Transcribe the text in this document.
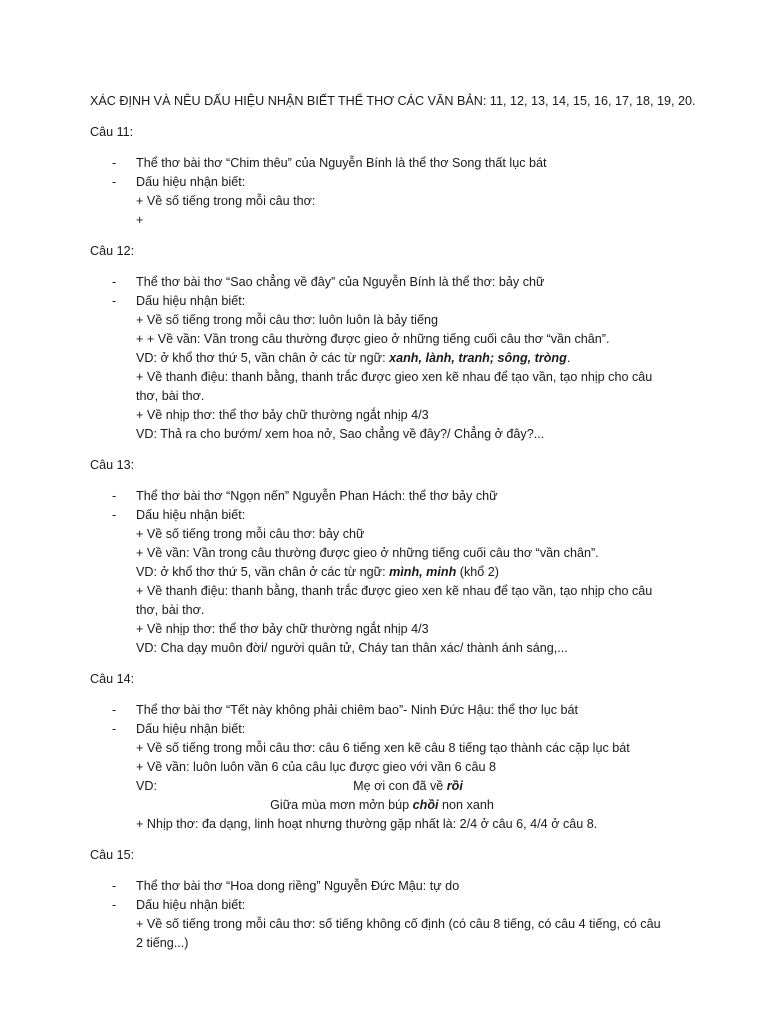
XÁC ĐỊNH VÀ NÊU DẤU HIỆU NHẬN BIẾT THỂ THƠ CÁC VĂN BẢN: 11, 12, 13, 14, 15, 16, 17, 18, 19, 20.
Câu 11:
- Thể thơ bài thơ “Chim thêu” của Nguyễn Bính là thể thơ Song thất lục bát
- Dấu hiệu nhận biết:
+ Về số tiếng trong mỗi câu thơ:
+
Câu 12:
- Thể thơ bài thơ “Sao chẳng về đây” của Nguyễn Bính là thể thơ: bảy chữ
- Dấu hiệu nhận biết:
+ Về số tiếng trong mỗi câu thơ: luôn luôn là bảy tiếng
+ + Về vần: Vần trong câu thường được gieo ở những tiếng cuối câu thơ “vần chân”.
VD: ở khổ thơ thứ 5, vần chân ở các từ ngữ: xanh, lành, tranh; sông, tròng.
+ Về thanh điệu: thanh bằng, thanh trắc được gieo xen kẽ nhau để tạo vần, tạo nhịp cho câu thơ, bài thơ.
+ Về nhịp thơ: thể thơ bảy chữ thường ngắt nhịp 4/3
VD: Thả ra cho bướm/ xem hoa nở, Sao chẳng về đây?/ Chẳng ở đây?...
Câu 13:
- Thể thơ bài thơ “Ngọn nến” Nguyễn Phan Hách: thể thơ bảy chữ
- Dấu hiệu nhận biết:
+ Về số tiếng trong mỗi câu thơ: bảy chữ
+ Về vần: Vần trong câu thường được gieo ở những tiếng cuối câu thơ “vần chân”.
VD: ở khổ thơ thứ 5, vần chân ở các từ ngữ: mình, minh (khổ 2)
+ Về thanh điệu: thanh bằng, thanh trắc được gieo xen kẽ nhau để tạo vần, tạo nhịp cho câu thơ, bài thơ.
+ Về nhịp thơ: thể thơ bảy chữ thường ngắt nhịp 4/3
VD: Cha dạy muôn đời/ người quân tử, Cháy tan thân xác/ thành ánh sáng,...
Câu 14:
- Thể thơ bài thơ “Tết này không phải chiêm bao”- Ninh Đức Hậu: thể thơ lục bát
- Dấu hiệu nhận biết:
+ Về số tiếng trong mỗi câu thơ: câu 6 tiếng xen kẽ câu 8 tiếng tạo thành các cặp lục bát
+ Về vần: luôn luôn vần 6 của câu lục được gieo với vần 6 câu 8
VD:	Mẹ ơi con đã về rồi
Giữa mùa mơn mởn búp chồi non xanh
+ Nhịp thơ: đa dạng, linh hoạt nhưng thường gặp nhất là: 2/4 ở câu 6, 4/4 ở câu 8.
Câu 15:
- Thể thơ bài thơ “Hoa dong riềng” Nguyễn Đức Mậu: tự do
- Dấu hiệu nhận biết:
+ Về số tiếng trong mỗi câu thơ: số tiếng không cố định (có câu 8 tiếng, có câu 4 tiếng, có câu 2 tiếng...)
